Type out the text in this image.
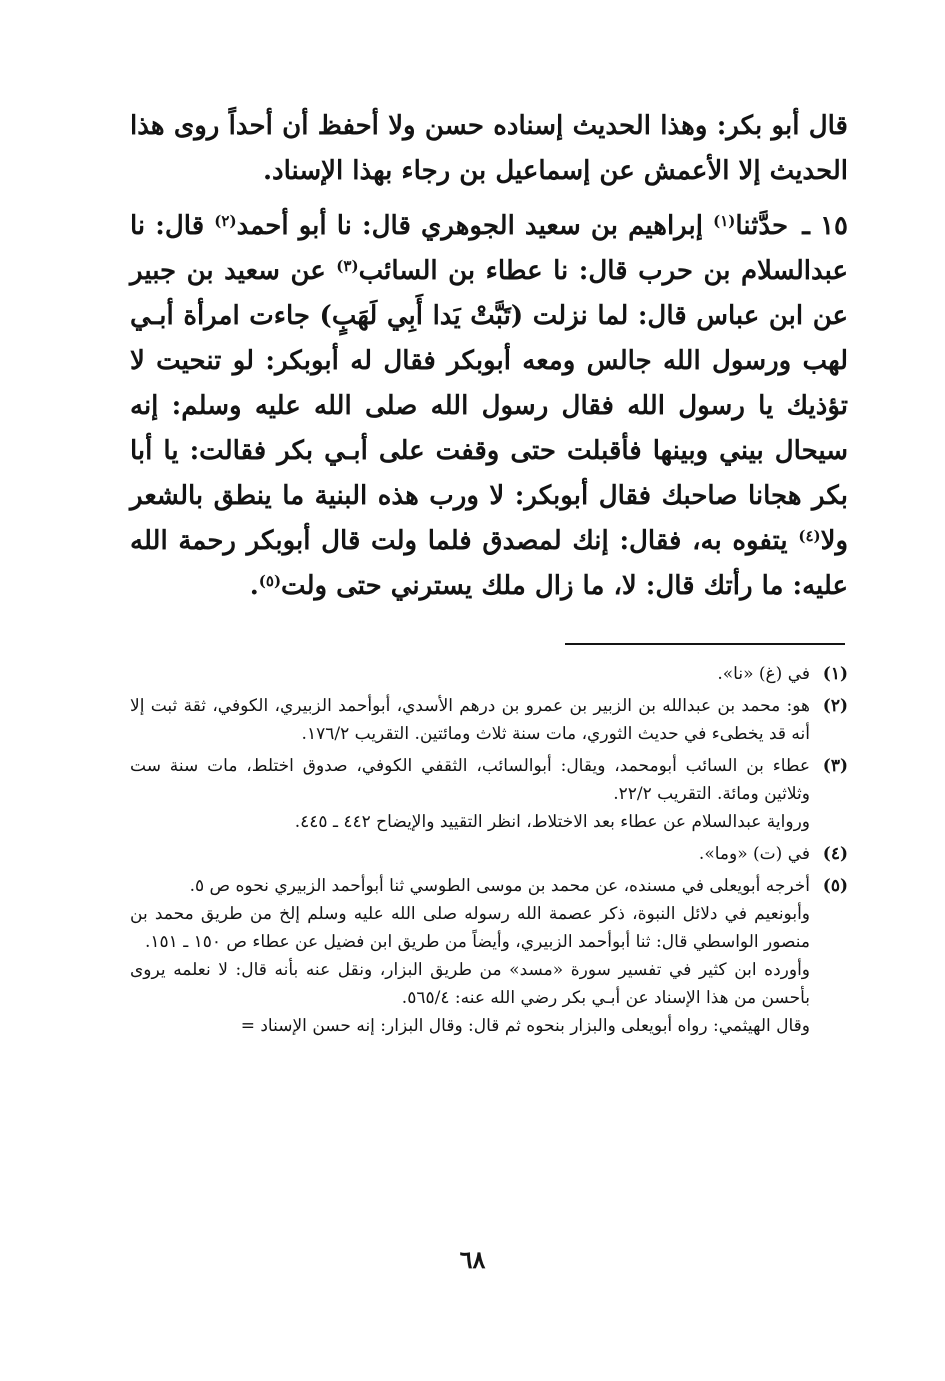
قال أبو بكر: وهذا الحديث إسناده حسن ولا أحفظ أن أحداً روى هذا الحديث إلا الأعمش عن إسماعيل بن رجاء بهذا الإسناد.

١٥ ـ حدَّثنا$^{(١)}$ إبراهيم بن سعيد الجوهري قال: نا أبو أحمد$^{(٢)}$ قال: نا عبدالسلام بن حرب قال: نا عطاء بن السائب$^{(٣)}$ عن سعيد بن جبير عن ابن عباس قال: لما نزلت (تَبَّتْ يَدا أَبِي لَهَبٍ) جاءت امرأة أبـي لهب ورسول الله جالس ومعه أبوبكر فقال له أبوبكر: لو تنحيت لا تؤذيك يا رسول الله فقال رسول الله صلى الله عليه وسلم: إنه سيحال بيني وبينها فأقبلت حتى وقفت على أبـي بكر فقالت: يا أبا بكر هجانا صاحبك فقال أبوبكر: لا ورب هذه البنية ما ينطق بالشعر ولا$^{(٤)}$ يتفوه به، فقال: إنك لمصدق فلما ولت قال أبوبكر رحمة الله عليه: ما رأتك قال: لا، ما زال ملك يسترني حتى ولت$^{(٥)}$.

(١)

في (غ) «نا».

(٢)

هو: محمد بن عبدالله بن الزبير بن عمرو بن درهم الأسدي، أبوأحمد الزبيري، الكوفي، ثقة ثبت إلا أنه قد يخطىء في حديث الثوري، مات سنة ثلاث ومائتين. التقريب ١٧٦/٢.

(٣)

عطاء بن السائب أبومحمد، ويقال: أبوالسائب، الثقفي الكوفي، صدوق اختلط، مات سنة ست وثلاثين ومائة. التقريب ٢٢/٢.

ورواية عبدالسلام عن عطاء بعد الاختلاط، انظر التقييد والإيضاح ٤٤٢ ـ ٤٤٥.

(٤)

في (ت) «وما».

(٥)

أخرجه أبويعلى في مسنده، عن محمد بن موسى الطوسي ثنا أبوأحمد الزبيري نحوه ص ٥.

وأبونعيم في دلائل النبوة، ذكر عصمة الله رسوله صلى الله عليه وسلم إلخ من طريق محمد بن منصور الواسطي قال: ثنا أبوأحمد الزبيري، وأيضاً من طريق ابن فضيل عن عطاء ص ١٥٠ ـ ١٥١.

وأورده ابن كثير في تفسير سورة «مسد» من طريق البزار، ونقل عنه بأنه قال: لا نعلمه يروى بأحسن من هذا الإسناد عن أبـي بكر رضي الله عنه: ٥٦٥/٤.

وقال الهيثمي: رواه أبويعلى والبزار بنحوه ثم قال: وقال البزار: إنه حسن الإسناد =

٦٨
